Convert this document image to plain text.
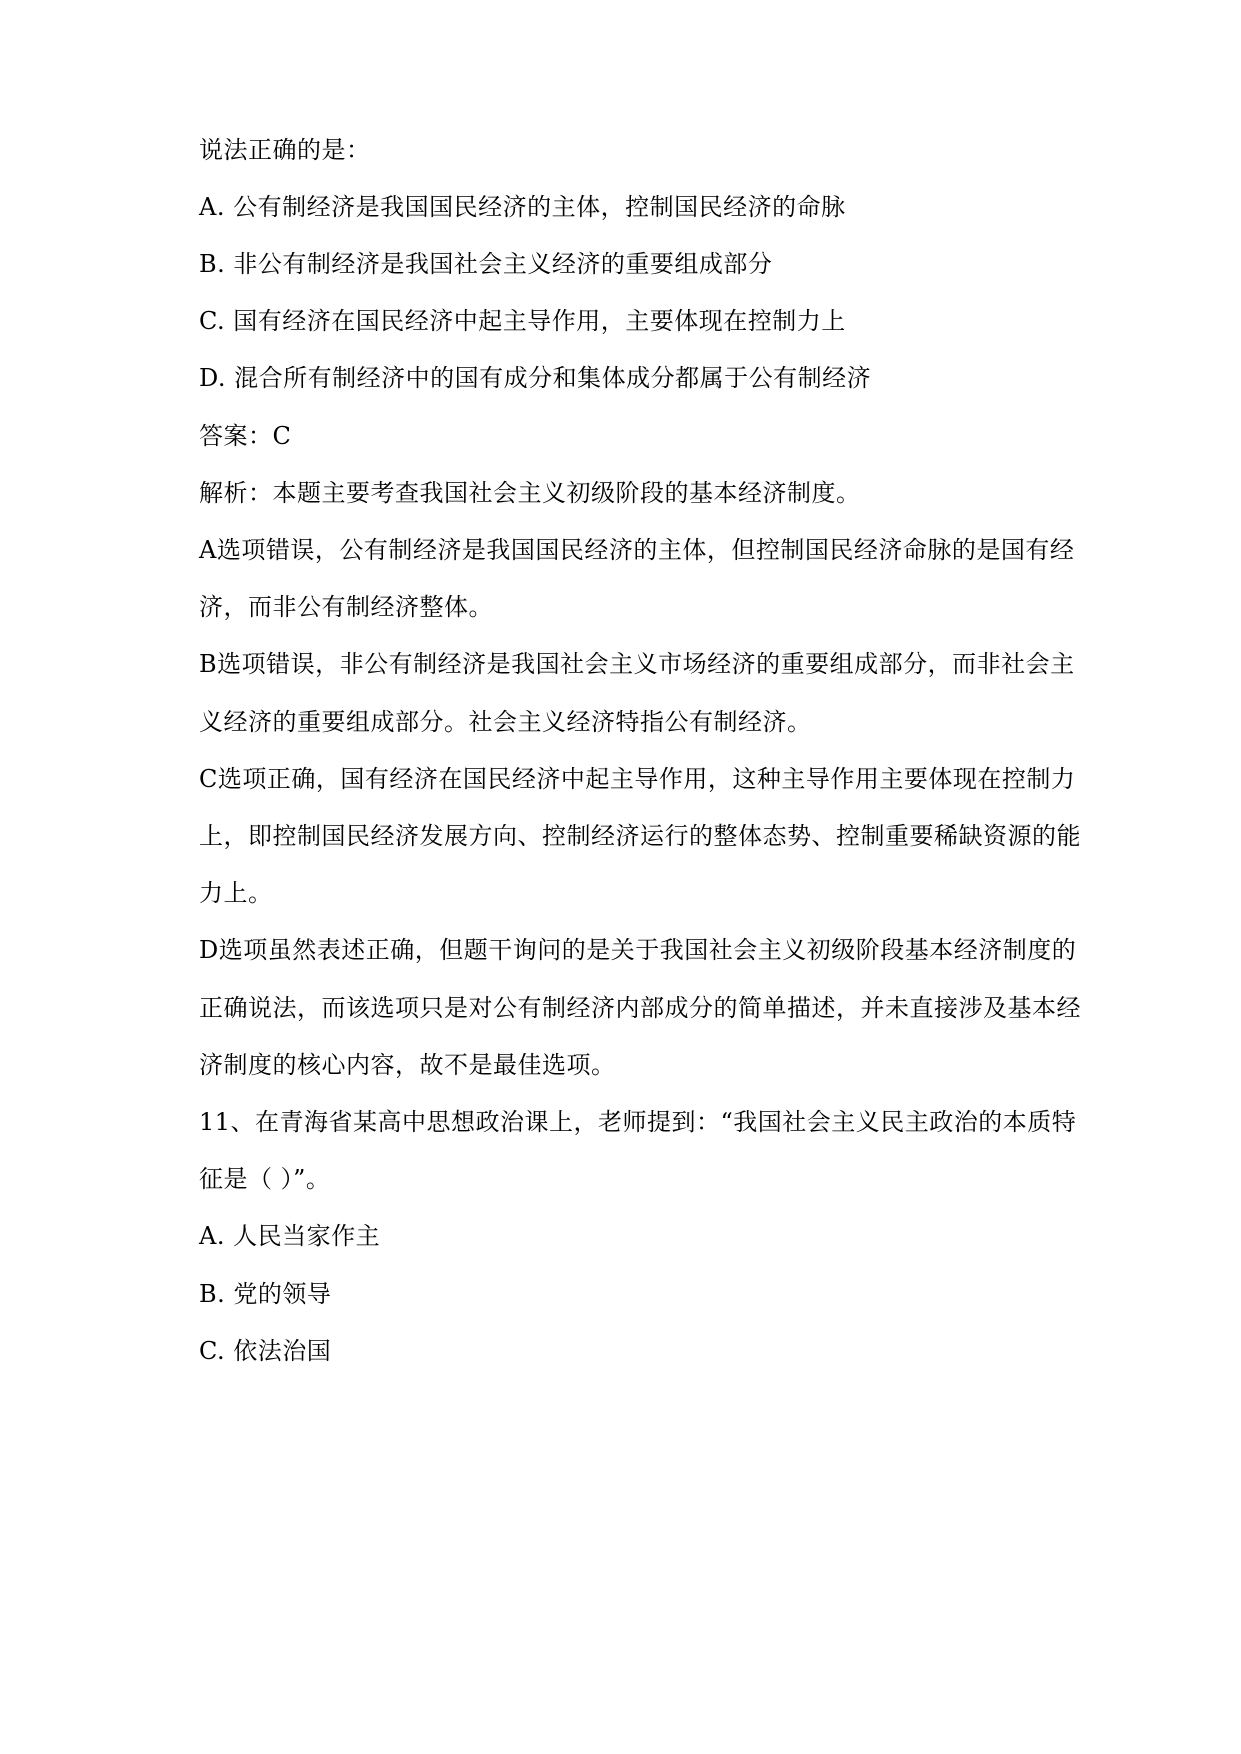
说法正确的是：
A. 公有制经济是我国国民经济的主体，控制国民经济的命脉
B. 非公有制经济是我国社会主义经济的重要组成部分
C. 国有经济在国民经济中起主导作用，主要体现在控制力上
D. 混合所有制经济中的国有成分和集体成分都属于公有制经济
答案：C
解析：本题主要考查我国社会主义初级阶段的基本经济制度。
A选项错误，公有制经济是我国国民经济的主体，但控制国民经济命脉的是国有经
济，而非公有制经济整体。
B选项错误，非公有制经济是我国社会主义市场经济的重要组成部分，而非社会主
义经济的重要组成部分。社会主义经济特指公有制经济。
C选项正确，国有经济在国民经济中起主导作用，这种主导作用主要体现在控制力
上，即控制国民经济发展方向、控制经济运行的整体态势、控制重要稀缺资源的能
力上。
D选项虽然表述正确，但题干询问的是关于我国社会主义初级阶段基本经济制度的
正确说法，而该选项只是对公有制经济内部成分的简单描述，并未直接涉及基本经
济制度的核心内容，故不是最佳选项。
11、在青海省某高中思想政治课上，老师提到：“我国社会主义民主政治的本质特
征是（ ）”。
A. 人民当家作主
B. 党的领导
C. 依法治国
